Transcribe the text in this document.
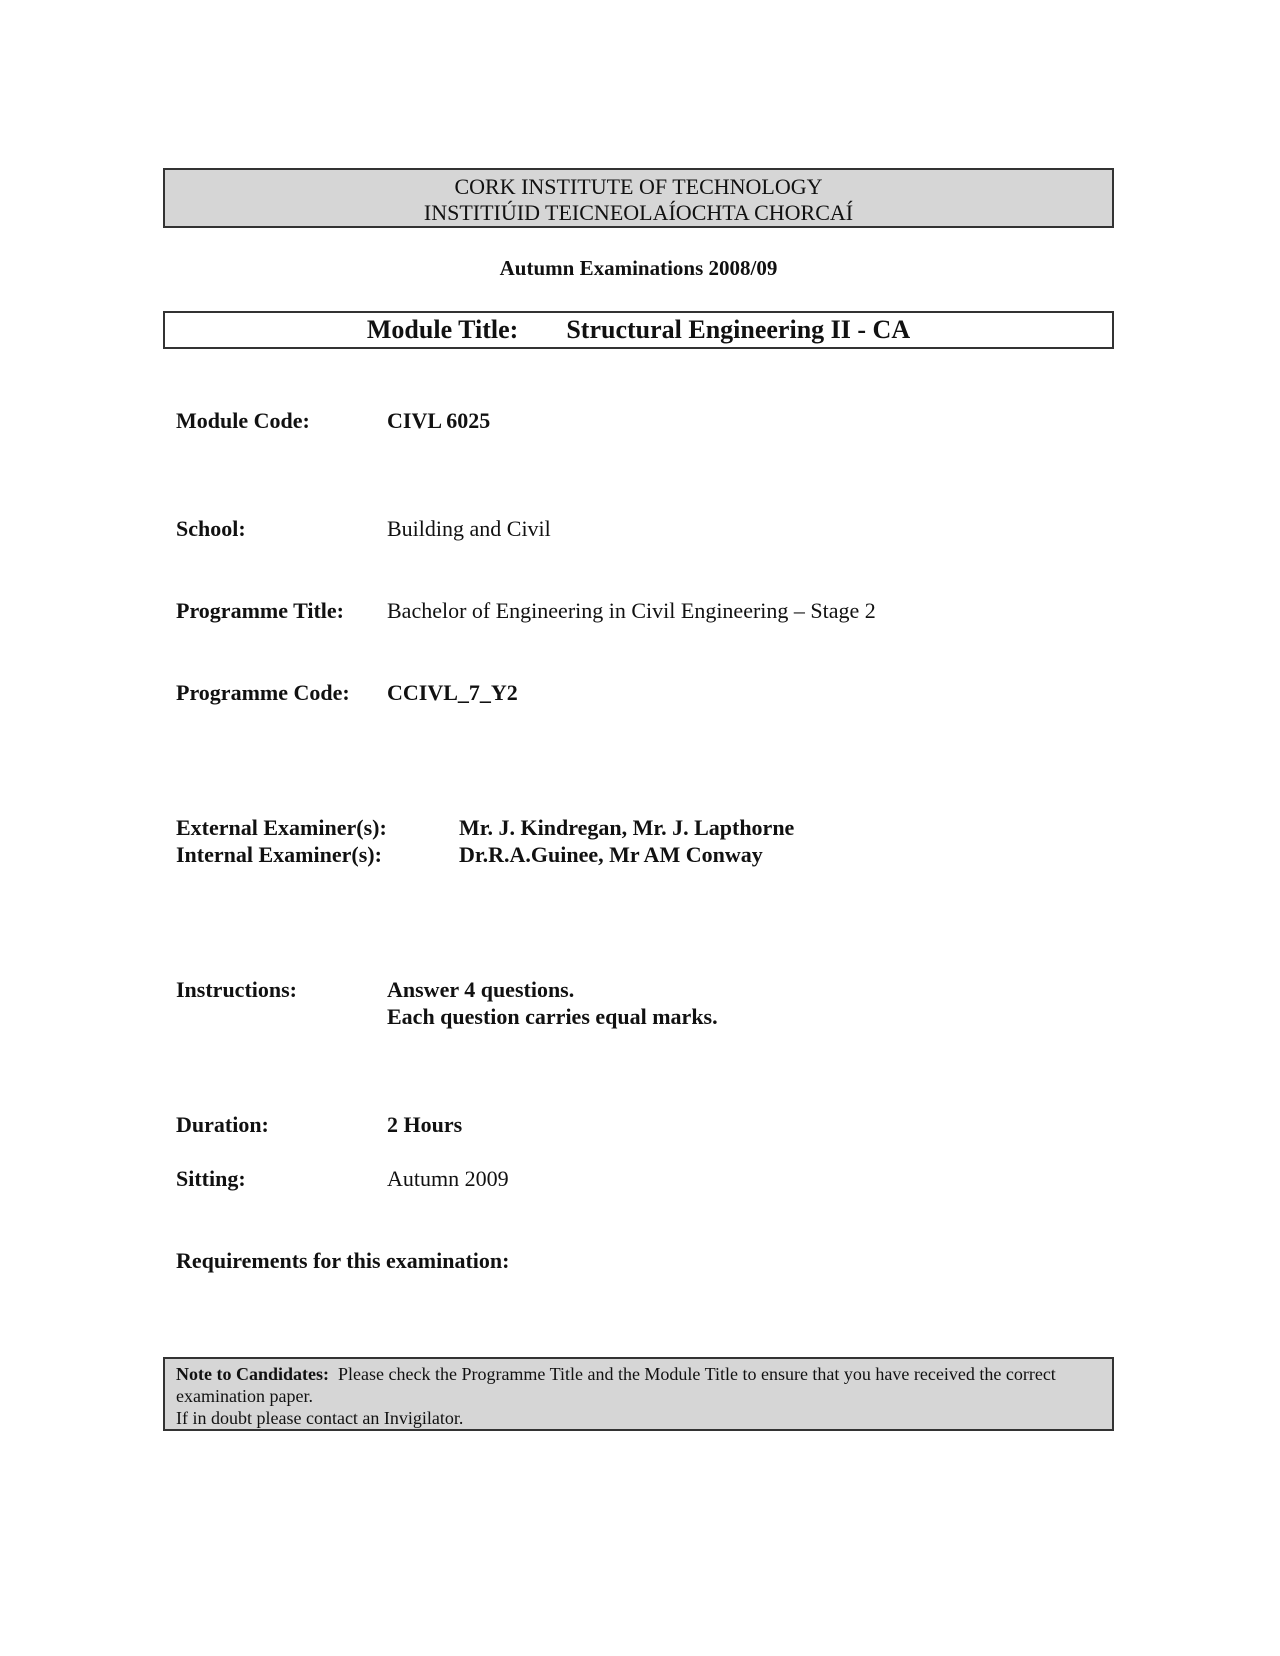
CORK INSTITUTE OF TECHNOLOGY
INSTITIÚID TEICNEOLAÍOCHTA CHORCAÍ
Autumn Examinations 2008/09
Module Title: Structural Engineering II - CA
Module Code:	CIVL 6025
School:	Building and Civil
Programme Title: Bachelor of Engineering in Civil Engineering – Stage 2
Programme Code: CCIVL_7_Y2
External Examiner(s):	Mr. J. Kindregan, Mr. J. Lapthorne
Internal Examiner(s):	Dr.R.A.Guinee, Mr AM Conway
Instructions:	Answer 4 questions.
Each question carries equal marks.
Duration:	2 Hours
Sitting:	Autumn 2009
Requirements for this examination:
Note to Candidates: Please check the Programme Title and the Module Title to ensure that you have received the correct examination paper.
If in doubt please contact an Invigilator.
